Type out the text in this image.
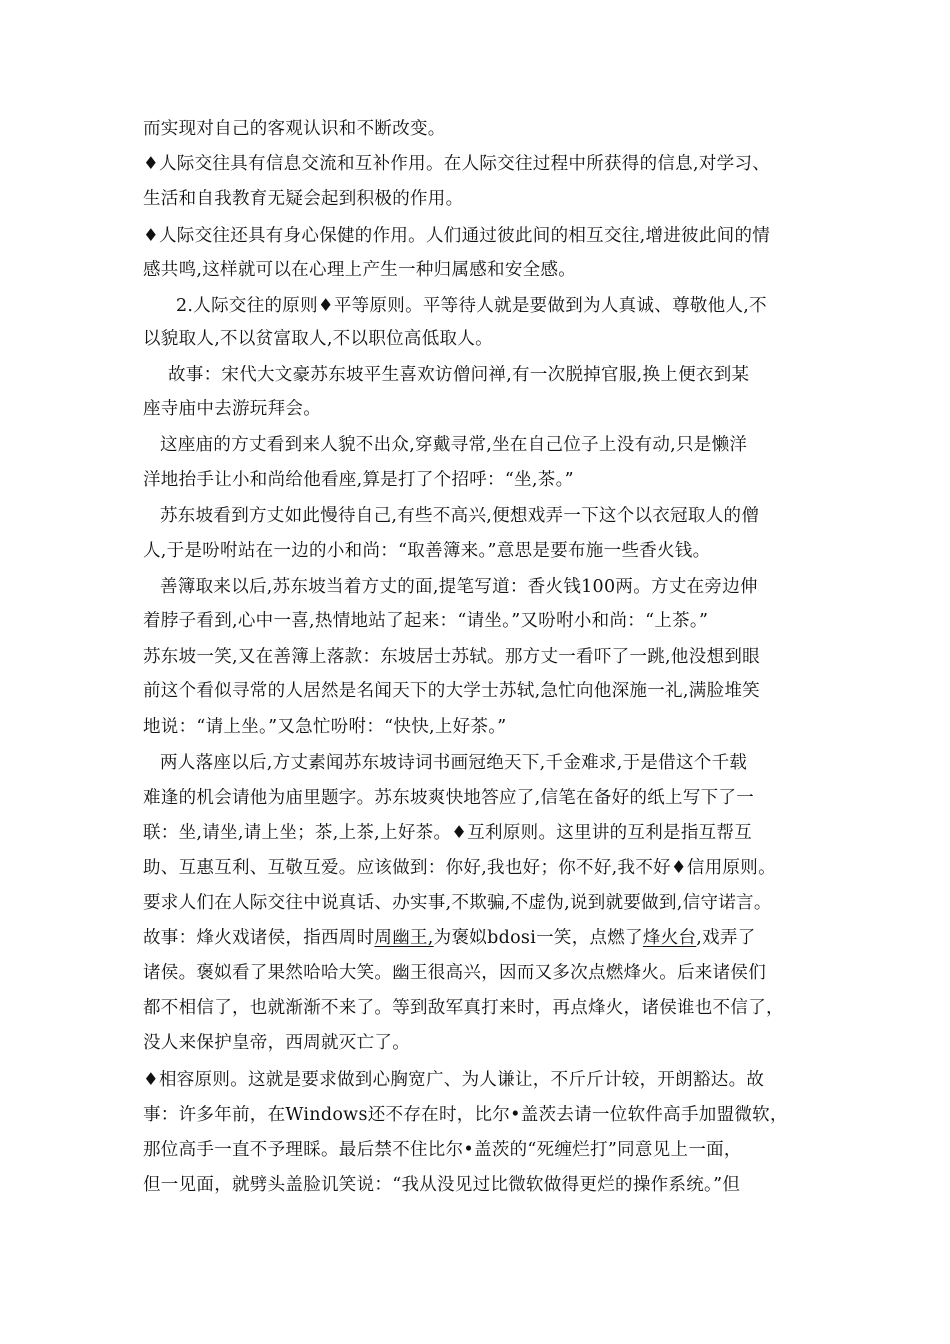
而实现对自己的客观认识和不断改变。
♦人际交往具有信息交流和互补作用。在人际交往过程中所获得的信息,对学习、
生活和自我教育无疑会起到积极的作用。
♦人际交往还具有身心保健的作用。人们通过彼此间的相互交往,增进彼此间的情
感共鸣,这样就可以在心理上产生一种归属感和安全感。
2.人际交往的原则♦平等原则。平等待人就是要做到为人真诚、尊敬他人,不
以貌取人,不以贫富取人,不以职位高低取人。
故事：宋代大文豪苏东坡平生喜欢访僧问禅,有一次脱掉官服,换上便衣到某
座寺庙中去游玩拜会。
这座庙的方丈看到来人貌不出众,穿戴寻常,坐在自己位子上没有动,只是懒洋
洋地抬手让小和尚给他看座,算是打了个招呼：“坐,茶。”
苏东坡看到方丈如此慢待自己,有些不高兴,便想戏弄一下这个以衣冠取人的僧
人,于是吩咐站在一边的小和尚：“取善簿来。”意思是要布施一些香火钱。
善簿取来以后,苏东坡当着方丈的面,提笔写道：香火钱100两。方丈在旁边伸
着脖子看到,心中一喜,热情地站了起来：“请坐。”又吩咐小和尚：“上茶。”
苏东坡一笑,又在善簿上落款：东坡居士苏轼。那方丈一看吓了一跳,他没想到眼
前这个看似寻常的人居然是名闻天下的大学士苏轼,急忙向他深施一礼,满脸堆笑
地说：“请上坐。”又急忙吩咐：“快快,上好茶。”
两人落座以后,方丈素闻苏东坡诗词书画冠绝天下,千金难求,于是借这个千载
难逢的机会请他为庙里题字。苏东坡爽快地答应了,信笔在备好的纸上写下了一
联：坐,请坐,请上坐；茶,上茶,上好茶。♦互利原则。这里讲的互利是指互帮互
助、互惠互利、互敬互爱。应该做到：你好,我也好；你不好,我不好♦信用原则。
要求人们在人际交往中说真话、办实事,不欺骗,不虚伪,说到就要做到,信守诺言。
故事：烽火戏诸侯，指西周时周幽王,为褒姒bdosi一笑，点燃了烽火台,戏弄了
诸侯。褒姒看了果然哈哈大笑。幽王很高兴，因而又多次点燃烽火。后来诸侯们
都不相信了，也就渐渐不来了。等到敌军真打来时，再点烽火，诸侯谁也不信了，
没人来保护皇帝，西周就灭亡了。
♦相容原则。这就是要求做到心胸宽广、为人谦让，不斤斤计较，开朗豁达。故
事：许多年前，在Windows还不存在时，比尔•盖茨去请一位软件高手加盟微软，
那位高手一直不予理睬。最后禁不住比尔•盖茨的“死缠烂打”同意见上一面，
但一见面，就劈头盖脸讥笑说：“我从没见过比微软做得更烂的操作系统。”但
